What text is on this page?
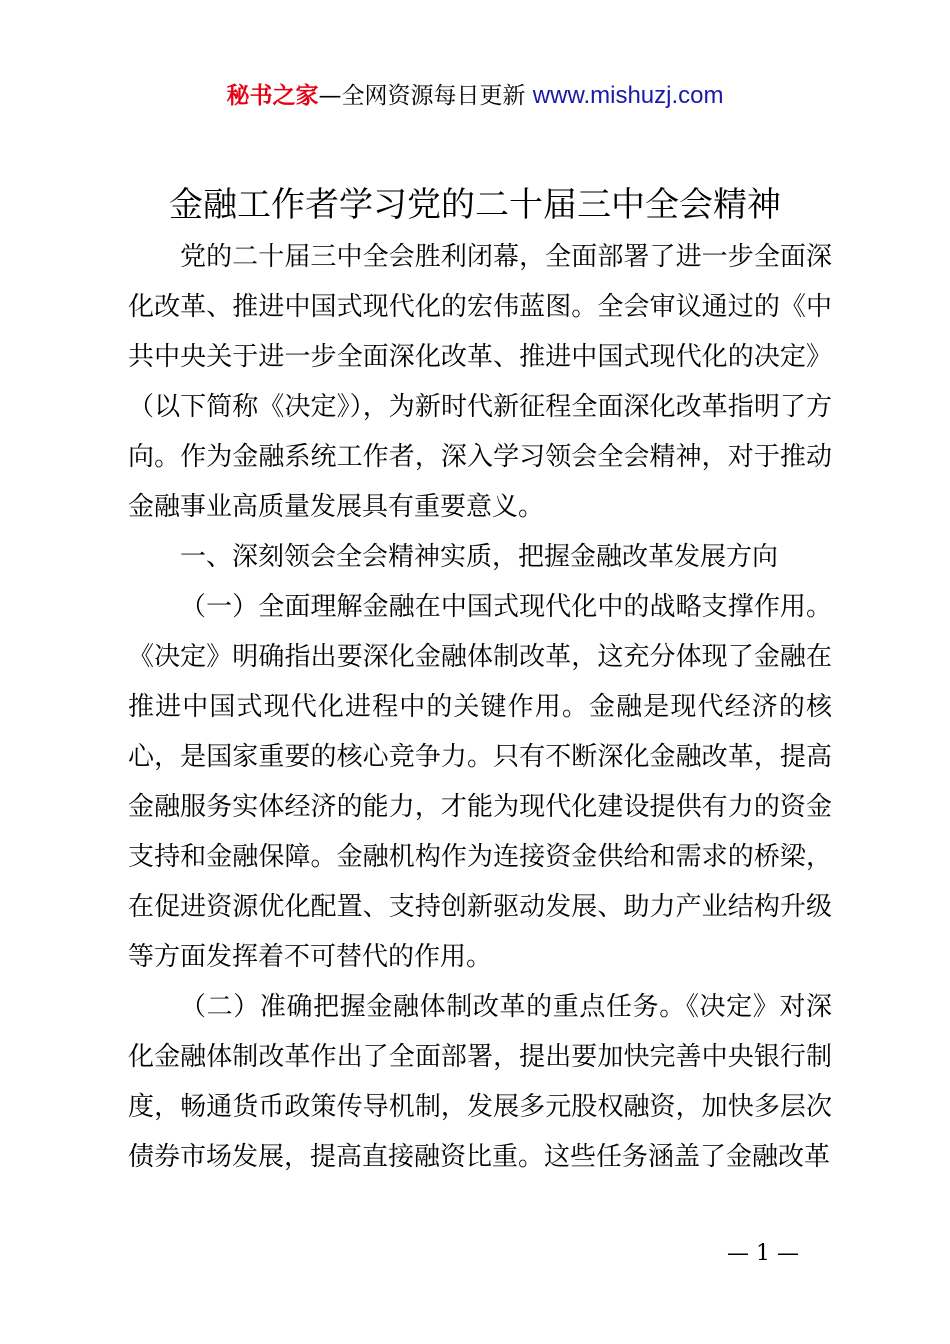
秘书之家—全网资源每日更新 www.mishuzj.com
金融工作者学习党的二十届三中全会精神

党的二十届三中全会胜利闭幕，全面部署了进一步全面深化改革、推进中国式现代化的宏伟蓝图。全会审议通过的《中共中央关于进一步全面深化改革、推进中国式现代化的决定》（以下简称《决定》），为新时代新征程全面深化改革指明了方向。作为金融系统工作者，深入学习领会全会精神，对于推动金融事业高质量发展具有重要意义。

一、深刻领会全会精神实质，把握金融改革发展方向

（一）全面理解金融在中国式现代化中的战略支撑作用。《决定》明确指出要深化金融体制改革，这充分体现了金融在推进中国式现代化进程中的关键作用。金融是现代经济的核心，是国家重要的核心竞争力。只有不断深化金融改革，提高金融服务实体经济的能力，才能为现代化建设提供有力的资金支持和金融保障。金融机构作为连接资金供给和需求的桥梁，在促进资源优化配置、支持创新驱动发展、助力产业结构升级等方面发挥着不可替代的作用。

（二）准确把握金融体制改革的重点任务。《决定》对深化金融体制改革作出了全面部署，提出要加快完善中央银行制度，畅通货币政策传导机制，发展多元股权融资，加快多层次债券市场发展，提高直接融资比重。这些任务涵盖了金融改革

— 1 —
